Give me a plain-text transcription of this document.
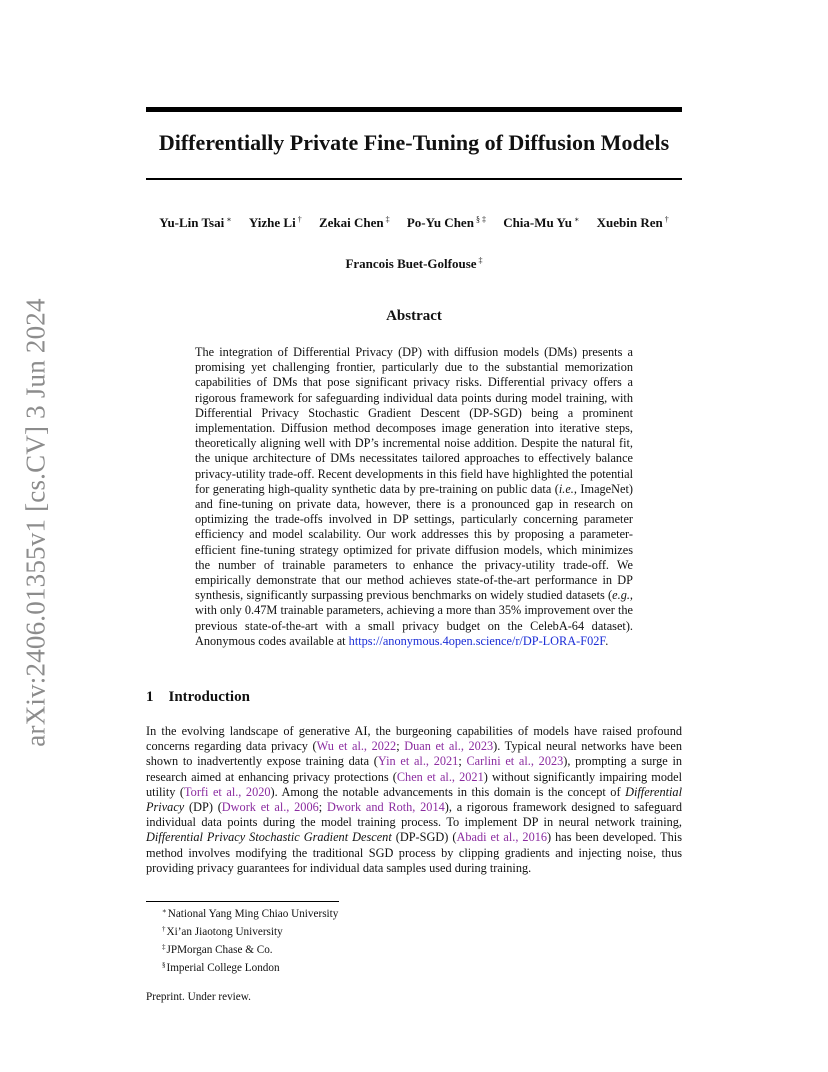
arXiv:2406.01355v1 [cs.CV] 3 Jun 2024
Differentially Private Fine-Tuning of Diffusion Models
Yu-Lin Tsai ∗ Yizhe Li † Zekai Chen ‡ Po-Yu Chen § ‡ Chia-Mu Yu ∗ Xuebin Ren †
Francois Buet-Golfouse ‡
Abstract
The integration of Differential Privacy (DP) with diffusion models (DMs) presents a promising yet challenging frontier, particularly due to the substantial memorization capabilities of DMs that pose significant privacy risks. Differential privacy offers a rigorous framework for safeguarding individual data points during model training, with Differential Privacy Stochastic Gradient Descent (DP-SGD) being a prominent implementation. Diffusion method decomposes image generation into iterative steps, theoretically aligning well with DP’s incremental noise addition. Despite the natural fit, the unique architecture of DMs necessitates tailored approaches to effectively balance privacy-utility trade-off. Recent developments in this field have highlighted the potential for generating high-quality synthetic data by pre-training on public data (i.e., ImageNet) and fine-tuning on private data, however, there is a pronounced gap in research on optimizing the trade-offs involved in DP settings, particularly concerning parameter efficiency and model scalability. Our work addresses this by proposing a parameter-efficient fine-tuning strategy optimized for private diffusion models, which minimizes the number of trainable parameters to enhance the privacy-utility trade-off. We empirically demonstrate that our method achieves state-of-the-art performance in DP synthesis, significantly surpassing previous benchmarks on widely studied datasets (e.g., with only 0.47M trainable parameters, achieving a more than 35% improvement over the previous state-of-the-art with a small privacy budget on the CelebA-64 dataset). Anonymous codes available at https://anonymous.4open.science/r/DP-LORA-F02F.
1 Introduction
In the evolving landscape of generative AI, the burgeoning capabilities of models have raised profound concerns regarding data privacy (Wu et al., 2022; Duan et al., 2023). Typical neural networks have been shown to inadvertently expose training data (Yin et al., 2021; Carlini et al., 2023), prompting a surge in research aimed at enhancing privacy protections (Chen et al., 2021) without significantly impairing model utility (Torfi et al., 2020). Among the notable advancements in this domain is the concept of Differential Privacy (DP) (Dwork et al., 2006; Dwork and Roth, 2014), a rigorous framework designed to safeguard individual data points during the model training process. To implement DP in neural network training, Differential Privacy Stochastic Gradient Descent (DP-SGD) (Abadi et al., 2016) has been developed. This method involves modifying the traditional SGD process by clipping gradients and injecting noise, thus providing privacy guarantees for individual data samples used during training.
∗National Yang Ming Chiao University
†Xi’an Jiaotong University
‡JPMorgan Chase & Co.
§Imperial College London
Preprint. Under review.
